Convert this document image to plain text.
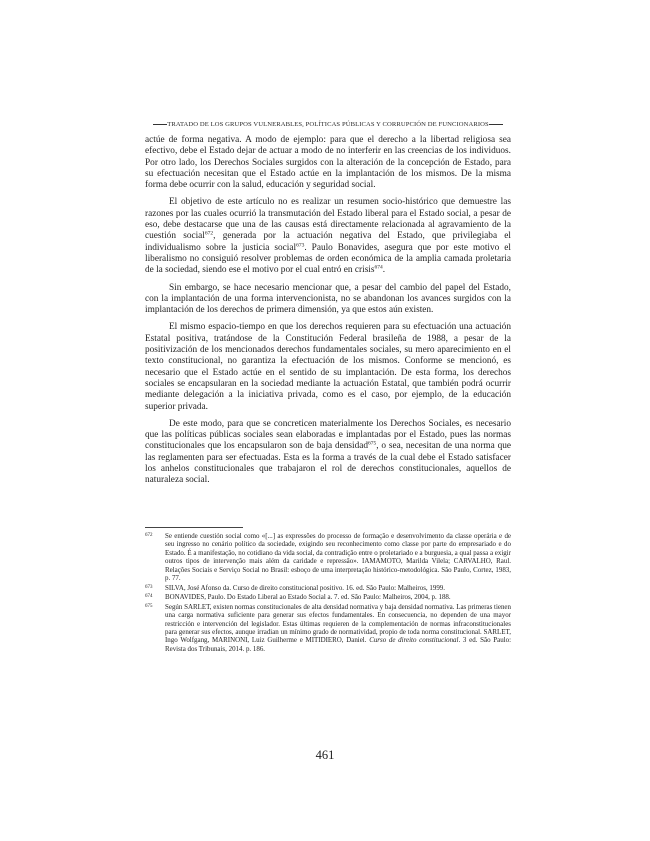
TRATADO DE LOS GRUPOS VULNERABLES, POLÍTICAS PÚBLICAS Y CORRUPCIÓN DE FUNCIONARIOS

actúe de forma negativa. A modo de ejemplo: para que el derecho a la libertad religiosa sea efectivo, debe el Estado dejar de actuar a modo de no interferir en las creencias de los individuos. Por otro lado, los Derechos Sociales surgidos con la alteración de la concepción de Estado, para su efectuación necesitan que el Estado actúe en la implantación de los mismos. De la misma forma debe ocurrir con la salud, educación y seguridad social.

El objetivo de este artículo no es realizar un resumen socio-histórico que demuestre las razones por las cuales ocurrió la transmutación del Estado liberal para el Estado social, a pesar de eso, debe destacarse que una de las causas está directamente relacionada al agravamiento de la cuestión social$^{672}$, generada por la actuación negativa del Estado, que privilegiaba el individualismo sobre la justicia social$^{673}$. Paulo Bonavides, asegura que por este motivo el liberalismo no consiguió resolver problemas de orden económica de la amplia camada proletaria de la sociedad, siendo ese el motivo por el cual entró en crisis$^{674}$.

Sin embargo, se hace necesario mencionar que, a pesar del cambio del papel del Estado, con la implantación de una forma intervencionista, no se abandonan los avances surgidos con la implantación de los derechos de primera dimensión, ya que estos aún existen.

El mismo espacio-tiempo en que los derechos requieren para su efectuación una actuación Estatal positiva, tratándose de la Constitución Federal brasileña de 1988, a pesar de la positivización de los mencionados derechos fundamentales sociales, su mero aparecimiento en el texto constitucional, no garantiza la efectuación de los mismos. Conforme se mencionó, es necesario que el Estado actúe en el sentido de su implantación. De esta forma, los derechos sociales se encapsularan en la sociedad mediante la actuación Estatal, que también podrá ocurrir mediante delegación a la iniciativa privada, como es el caso, por ejemplo, de la educación superior privada.

De este modo, para que se concreticen materialmente los Derechos Sociales, es necesario que las políticas públicas sociales sean elaboradas e implantadas por el Estado, pues las normas constitucionales que los encapsularon son de baja densidad$^{675}$, o sea, necesitan de una norma que las reglamenten para ser efectuadas. Esta es la forma a través de la cual debe el Estado satisfacer los anhelos constitucionales que trabajaron el rol de derechos constitucionales, aquellos de naturaleza social.

672 Se entiende cuestión social como «[...] as expressões do processo de formação e desenvolvimento da classe operária e de seu ingresso no cenário político da sociedade, exigindo seu reconhecimento como classe por parte do empresariado e do Estado. É a manifestação, no cotidiano da vida social, da contradição entre o proletariado e a burguesia, a qual passa a exigir outros tipos de intervenção mais além da caridade e repressão». IAMAMOTO, Marilda Vilela; CARVALHO, Raul. Relações Sociais e Serviço Social no Brasil: esboço de uma interpretação histórico-metodológica. São Paulo, Cortez, 1983, p. 77.
673 SILVA, José Afonso da. Curso de direito constitucional positivo. 16. ed. São Paulo: Malheiros, 1999.
674 BONAVIDES, Paulo. Do Estado Liberal ao Estado Social a. 7. ed. São Paulo: Malheiros, 2004, p. 188.
675 Según SARLET, existen normas constitucionales de alta densidad normativa y baja densidad normativa. Las primeras tienen una carga normativa suficiente para generar sus efectos fundamentales. En consecuencia, no dependen de una mayor restricción e intervención del legislador. Estas últimas requieren de la complementación de normas infraconstitucionales para generar sus efectos, aunque irradian un mínimo grado de normatividad, propio de toda norma constitucional. SARLET, Ingo Wolfgang, MARINONI, Luiz Guilherme e MITIDIERO, Daniel. Curso de direito constitucional. 3 ed. São Paulo: Revista dos Tribunais, 2014. p. 186.
461
